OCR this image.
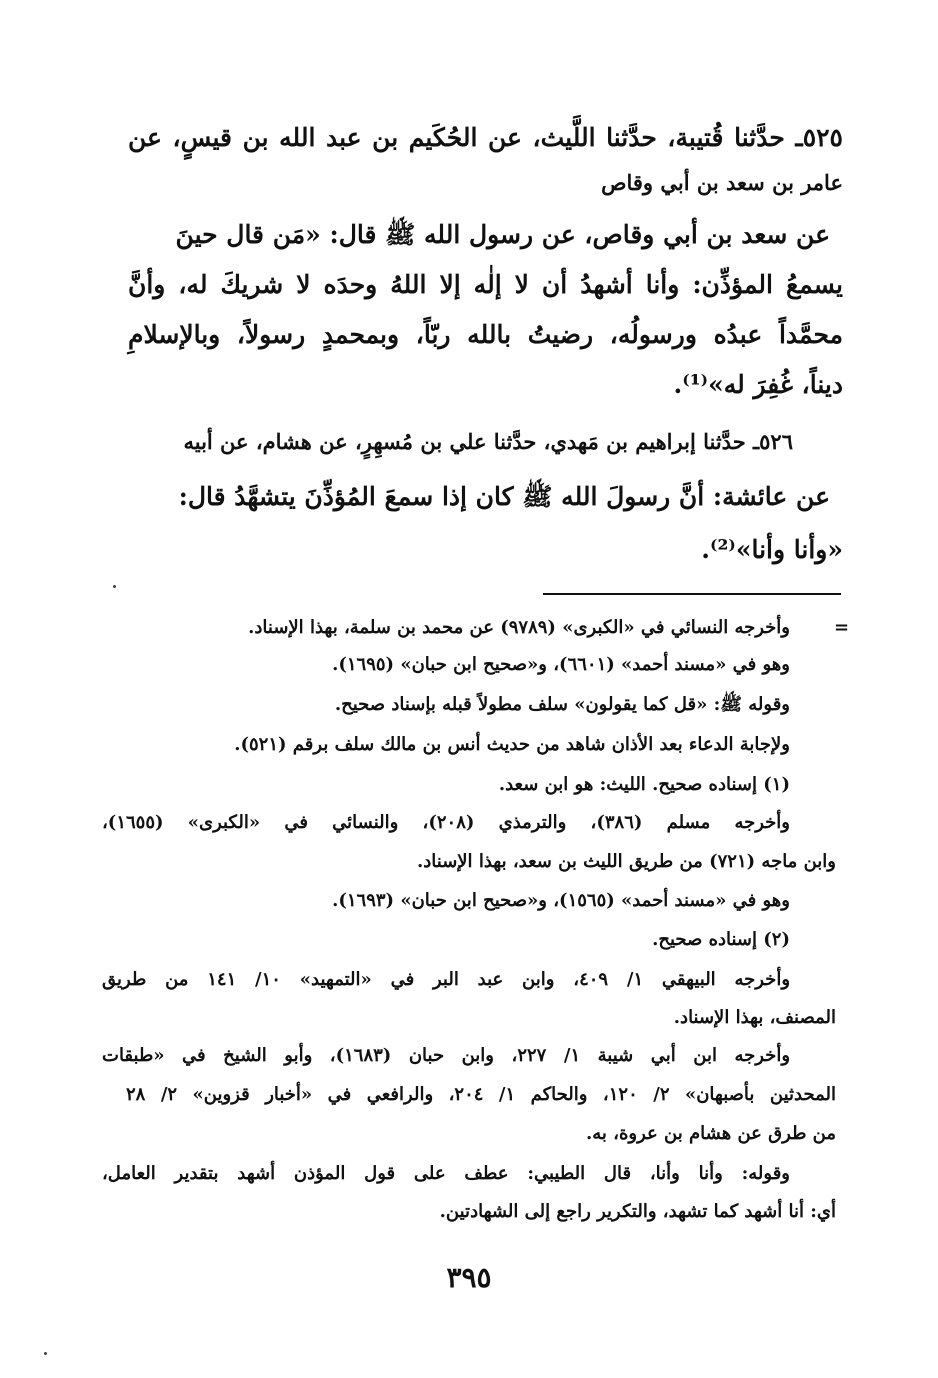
٥٢٥ـ حدَّثنا قُتيبة، حدَّثنا اللَّيث، عن الحُكَيم بن عبد الله بن قيسٍ، عن
عامر بن سعد بن أبي وقاص
عن سعد بن أبي وقاص، عن رسول الله ﷺ قال: «مَن قال حينَ
يسمعُ المؤذِّن: وأنا أشهدُ أن لا إلٰه إلا اللهُ وحدَه لا شريكَ له، وأنَّ
محمَّداً عبدُه ورسولُه، رضيتُ بالله ربّاً، وبمحمدٍ رسولاً، وبالإسلامِ
ديناً، غُفِرَ له»⁽¹⁾.
٥٢٦ـ حدَّثنا إبراهيم بن مَهدي، حدَّثنا علي بن مُسهِرٍ، عن هشام، عن أبيه
عن عائشة: أنَّ رسولَ الله ﷺ كان إذا سمعَ المُؤذِّنَ يتشهَّدُ قال:
«وأنا وأنا»⁽²⁾.
=
وأخرجه النسائي في «الكبرى» (٩٧٨٩) عن محمد بن سلمة، بهذا الإسناد.
وهو في «مسند أحمد» (٦٦٠١)، و«صحيح ابن حبان» (١٦٩٥).
وقوله ﷺ: «قل كما يقولون» سلف مطولاً قبله بإسناد صحيح.
ولإجابة الدعاء بعد الأذان شاهد من حديث أنس بن مالك سلف برقم (٥٢١).
(١) إسناده صحيح. الليث: هو ابن سعد.
وأخرجه مسلم (٣٨٦)، والترمذي (٢٠٨)، والنسائي في «الكبرى» (١٦٥٥)،
وابن ماجه (٧٢١) من طريق الليث بن سعد، بهذا الإسناد.
وهو في «مسند أحمد» (١٥٦٥)، و«صحيح ابن حبان» (١٦٩٣).
(٢) إسناده صحيح.
وأخرجه البيهقي ١/ ٤٠٩، وابن عبد البر في «التمهيد» ١٠/ ١٤١ من طريق
المصنف، بهذا الإسناد.
وأخرجه ابن أبي شيبة ١/ ٢٢٧، وابن حبان (١٦٨٣)، وأبو الشيخ في «طبقات
المحدثين بأصبهان» ٢/ ١٢٠، والحاكم ١/ ٢٠٤، والرافعي في «أخبار قزوين» ٢/ ٢٨
من طرق عن هشام بن عروة، به.
وقوله: وأنا وأنا، قال الطيبي: عطف على قول المؤذن أشهد بتقدير العامل،
أي: أنا أشهد كما تشهد، والتكرير راجع إلى الشهادتين.
٣٩٥
